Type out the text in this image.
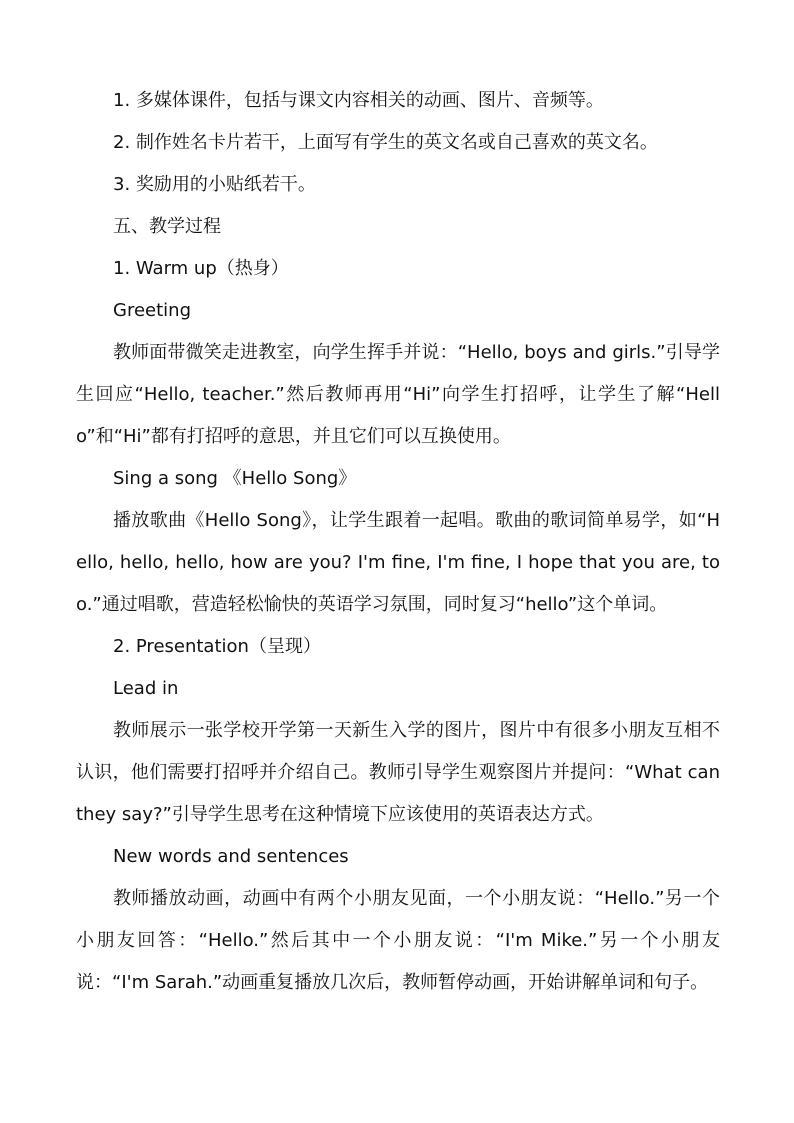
1. 多媒体课件，包括与课文内容相关的动画、图片、音频等。

2. 制作姓名卡片若干，上面写有学生的英文名或自己喜欢的英文名。

3. 奖励用的小贴纸若干。

五、教学过程

1. Warm up（热身）

Greeting

教师面带微笑走进教室，向学生挥手并说：“Hello, boys and girls.”引导学生回应“Hello, teacher.”然后教师再用“Hi”向学生打招呼，让学生了解“Hello”和“Hi”都有打招呼的意思，并且它们可以互换使用。

Sing a song 《Hello Song》

播放歌曲《Hello Song》，让学生跟着一起唱。歌曲的歌词简单易学，如“Hello, hello, hello, how are you? I'm fine, I'm fine, I hope that you are, too.”通过唱歌，营造轻松愉快的英语学习氛围，同时复习“hello”这个单词。

2. Presentation（呈现）

Lead in

教师展示一张学校开学第一天新生入学的图片，图片中有很多小朋友互相不认识，他们需要打招呼并介绍自己。教师引导学生观察图片并提问：“What can they say?”引导学生思考在这种情境下应该使用的英语表达方式。

New words and sentences

教师播放动画，动画中有两个小朋友见面，一个小朋友说：“Hello.”另一个小朋友回答：“Hello.”然后其中一个小朋友说：“I'm Mike.”另一个小朋友说：“I'm Sarah.”动画重复播放几次后，教师暂停动画，开始讲解单词和句子。
